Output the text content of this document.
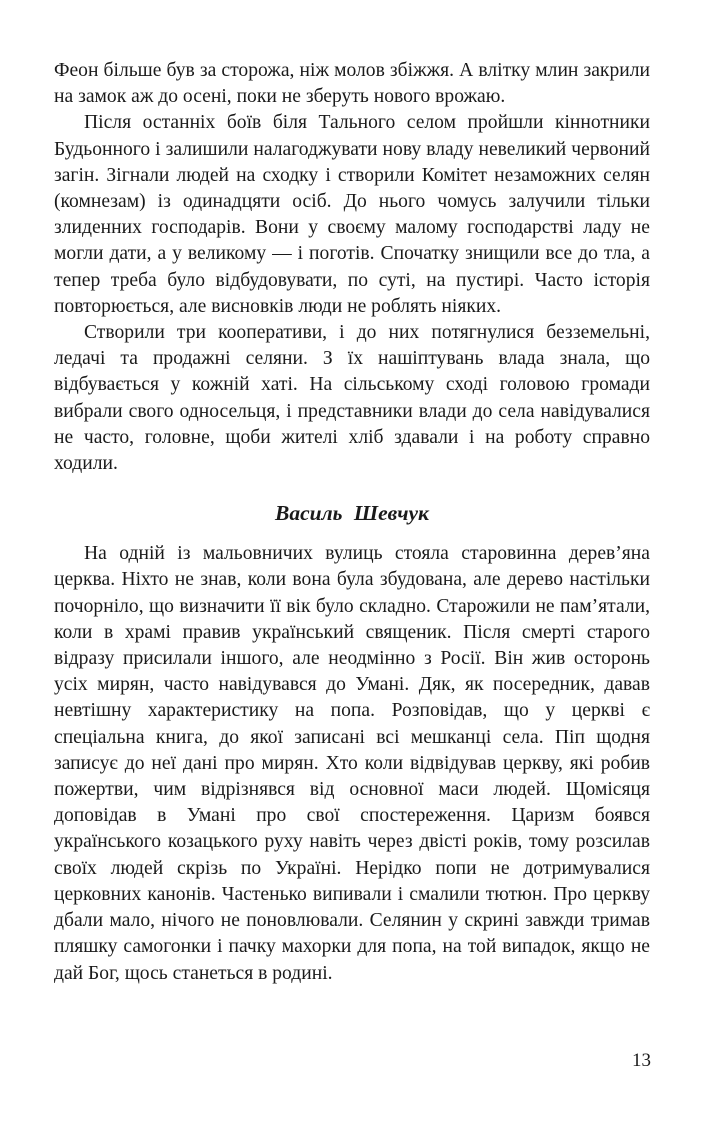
Феон більше був за сторожа, ніж молов збіжжя. А влітку млин закрили на замок аж до осені, поки не зберуть нового врожаю.

Після останніх боїв біля Тального селом пройшли кіннотники Будьонного і залишили налагоджувати нову владу невеликий червоний загін. Зігнали людей на сходку і створили Комітет незаможних селян (комнезам) із одинадцяти осіб. До нього чомусь залучили тільки злиденних господарів. Вони у своєму малому господарстві ладу не могли дати, а у великому — і поготів. Спочатку знищили все до тла, а тепер треба було відбудовувати, по суті, на пустирі. Часто історія повторюється, але висновків люди не роблять ніяких.

Створили три кооперативи, і до них потягнулися безземельні, ледачі та продажні селяни. З їх нашіптувань влада знала, що відбувається у кожній хаті. На сільському сході головою громади вибрали свого односельця, і представники влади до села навідувалися не часто, головне, щоби жителі хліб здавали і на роботу справно ходили.

Василь Шевчук

На одній із мальовничих вулиць стояла старовинна дерев’яна церква. Ніхто не знав, коли вона була збудована, але дерево настільки почорніло, що визначити її вік було складно. Старожили не пам’ятали, коли в храмі правив український священик. Після смерті старого відразу присилали іншого, але неодмінно з Росії. Він жив осторонь усіх мирян, часто навідувався до Умані. Дяк, як посередник, давав невтішну характеристику на попа. Розповідав, що у церкві є спеціальна книга, до якої записані всі мешканці села. Піп щодня записує до неї дані про мирян. Хто коли відвідував церкву, які робив пожертви, чим відрізнявся від основної маси людей. Щомісяця доповідав в Умані про свої спостереження. Царизм боявся українського козацького руху навіть через двісті років, тому розсилав своїх людей скрізь по Україні. Нерідко попи не дотримувалися церковних канонів. Частенько випивали і смалили тютюн. Про церкву дбали мало, нічого не поновлювали. Селянин у скрині завжди тримав пляшку самогонки і пачку махорки для попа, на той випадок, якщо не дай Бог, щось станеться в родині.

13
